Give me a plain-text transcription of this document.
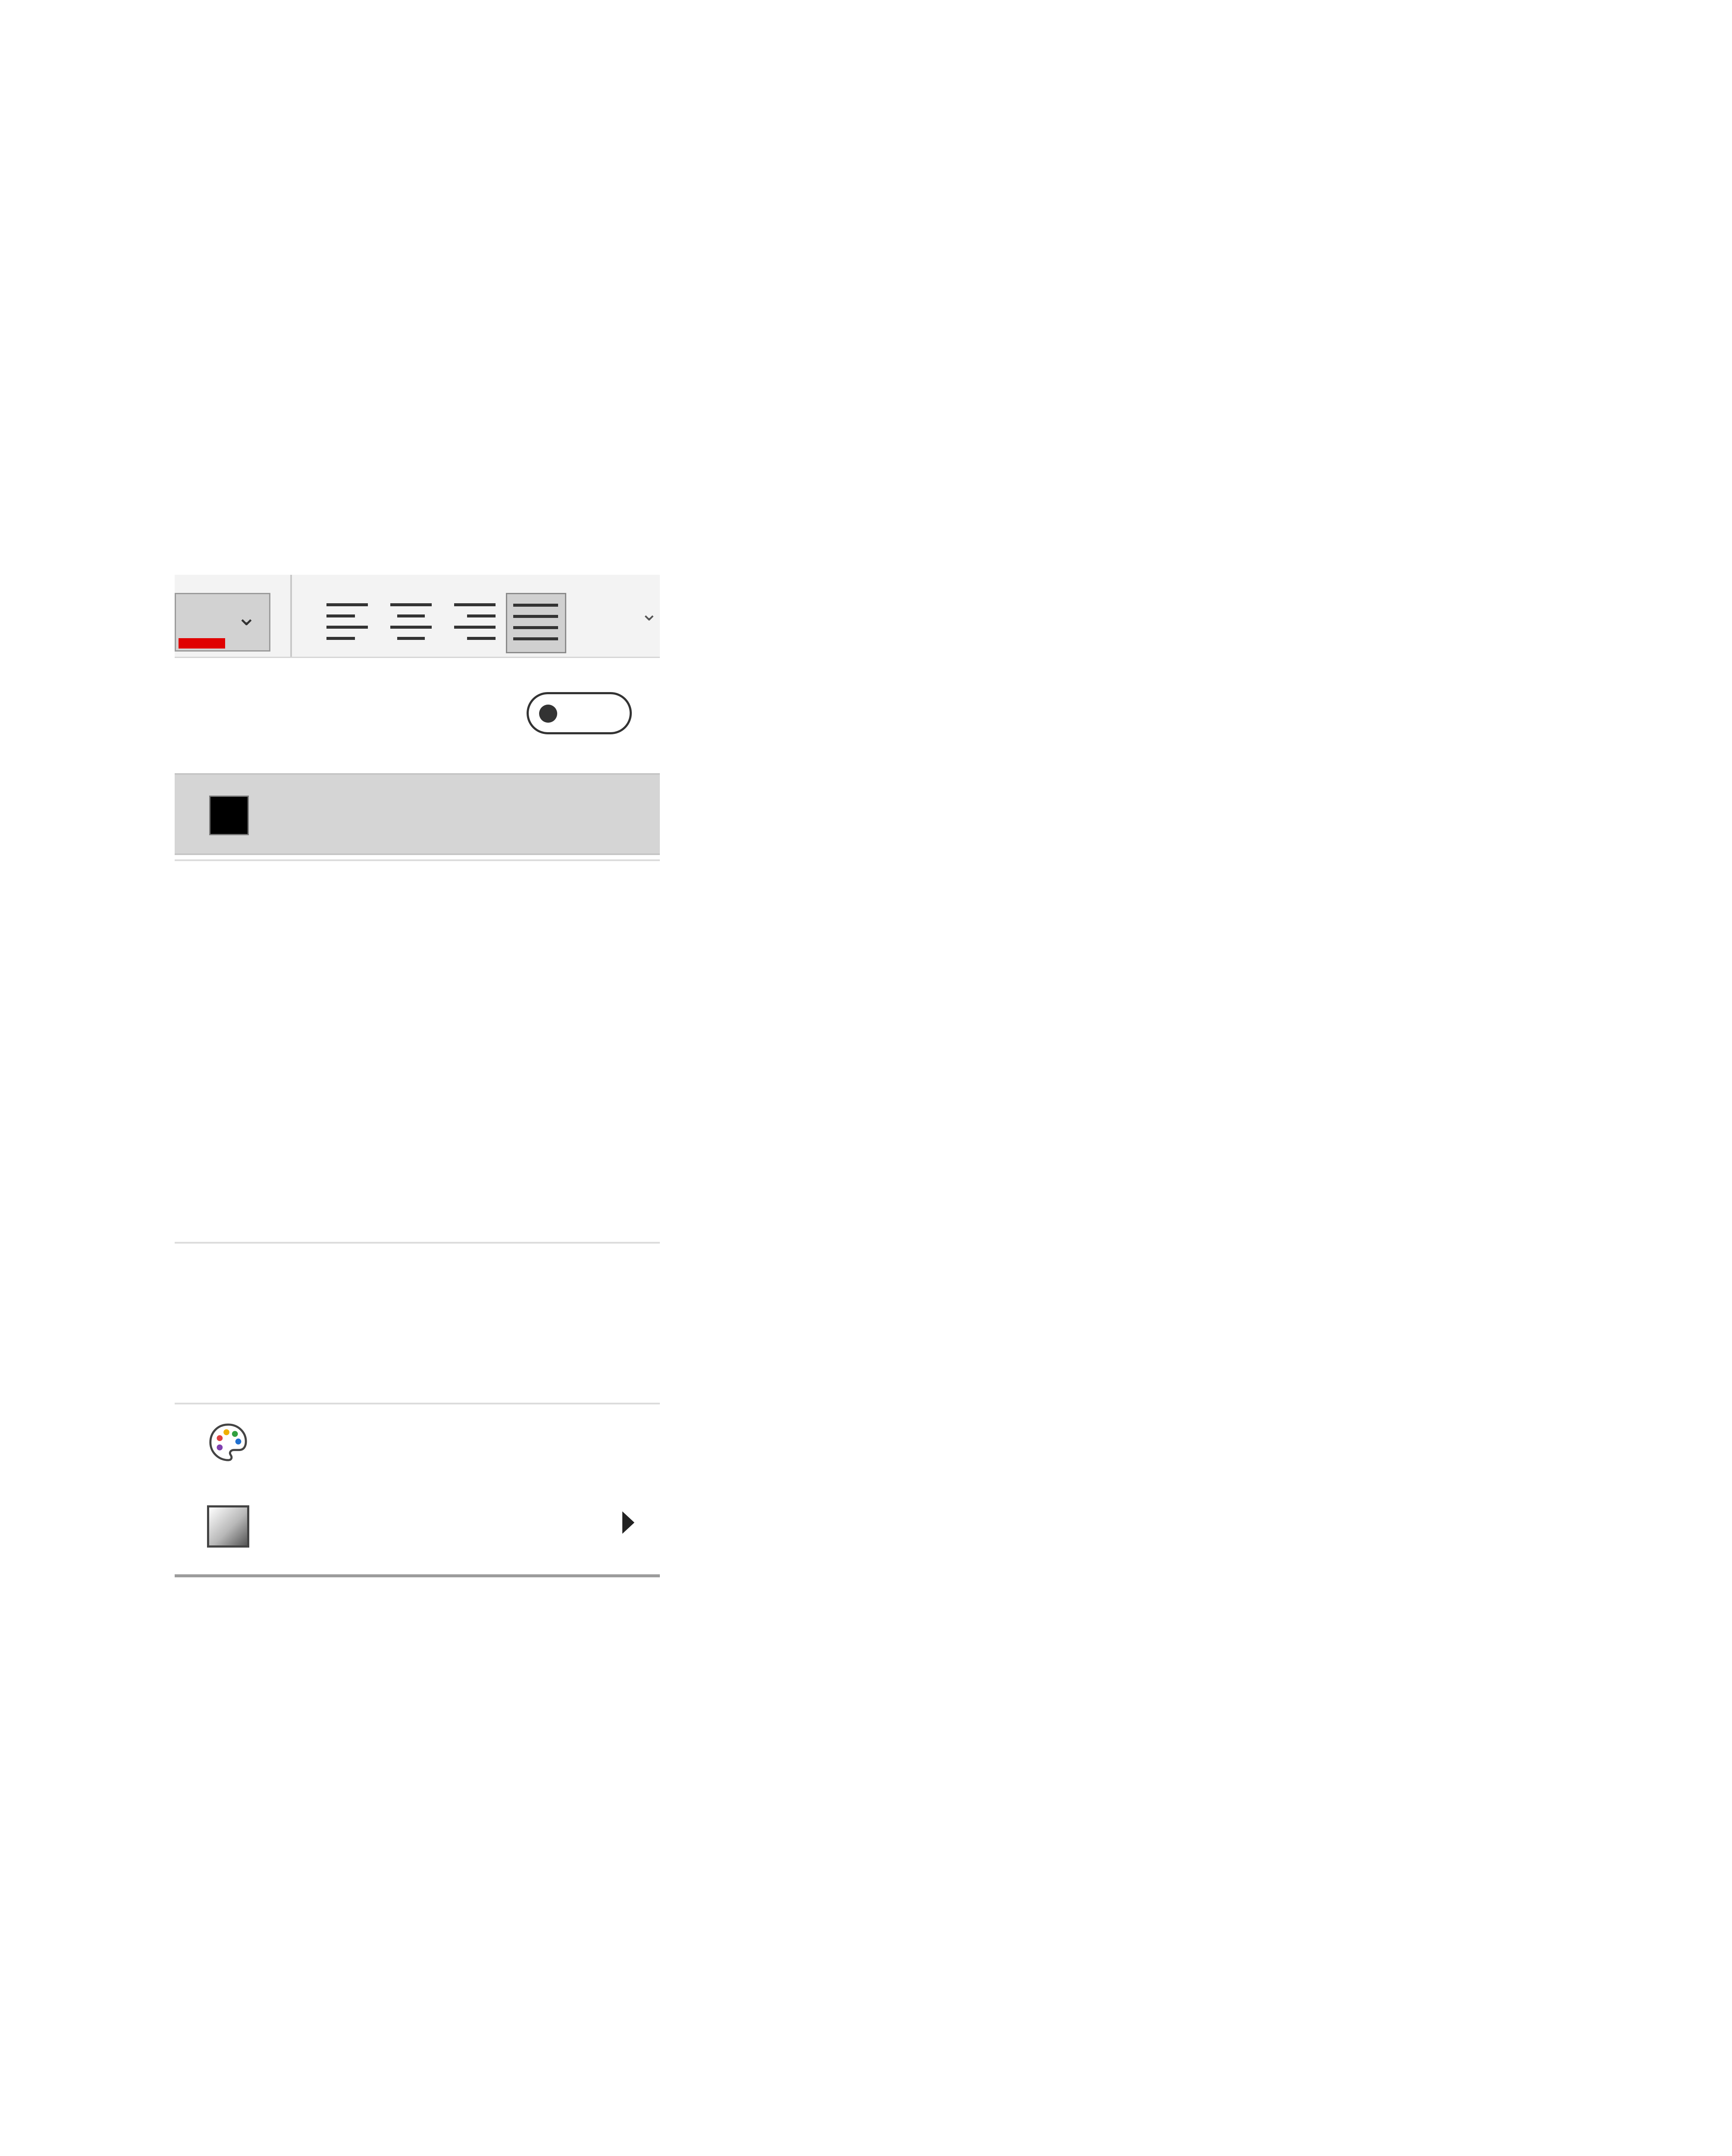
⌄	⌄
